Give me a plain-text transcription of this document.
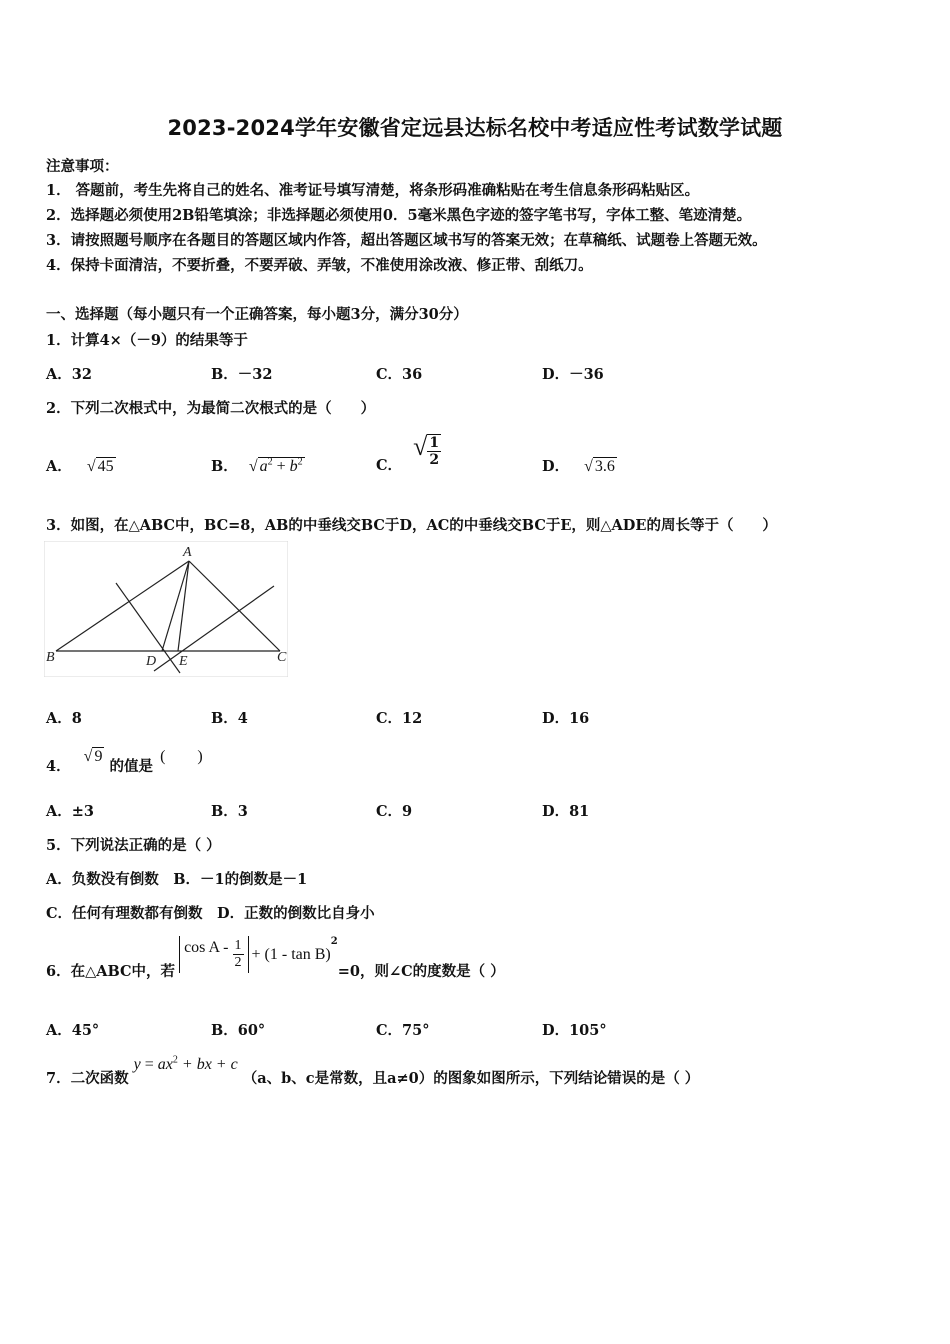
2023-2024学年安徽省定远县达标名校中考适应性考试数学试题
注意事项：
1． 答题前，考生先将自己的姓名、准考证号填写清楚，将条形码准确粘贴在考生信息条形码粘贴区。
2．选择题必须使用2B铅笔填涂；非选择题必须使用0．5毫米黑色字迹的签字笔书写，字体工整、笔迹清楚。
3．请按照题号顺序在各题目的答题区域内作答，超出答题区域书写的答案无效；在草稿纸、试题卷上答题无效。
4．保持卡面清洁，不要折叠，不要弄破、弄皱，不准使用涂改液、修正带、刮纸刀。
一、选择题（每小题只有一个正确答案，每小题3分，满分30分）
1．计算4×（－9）的结果等于
A．32	B．－32	C．36	D．－36
2．下列二次根式中，为最简二次根式的是（　　）
A． √ 45	B． √ $a^2 + b^2$	C． √ $\frac{1}{2}$	D． √ 3.6
3．如图，在△ABC中，BC=8，AB的中垂线交BC于D，AC的中垂线交BC于E，则△ADE的周长等于（　　）
A
B	C
D E
A．8	B．4	C．12	D．16
4． √ 9 的值是 (　　)
A．±3	B．3	C．9	D．81
5．下列说法正确的是（ ）
A．负数没有倒数　B．－1的倒数是－1
C．任何有理数都有倒数　D．正数的倒数比自身小
6．在△ABC中，若$\cos A - \frac{1}{2} + (1 - \tan B)^2=0$，则∠C的度数是（ ）
A．45°	B．60°	C．75°	D．105°
7．二次函数 $y = ax^2$ + bx + c （a、b、c是常数，且a≠0）的图象如图所示，下列结论错误的是（ ）
